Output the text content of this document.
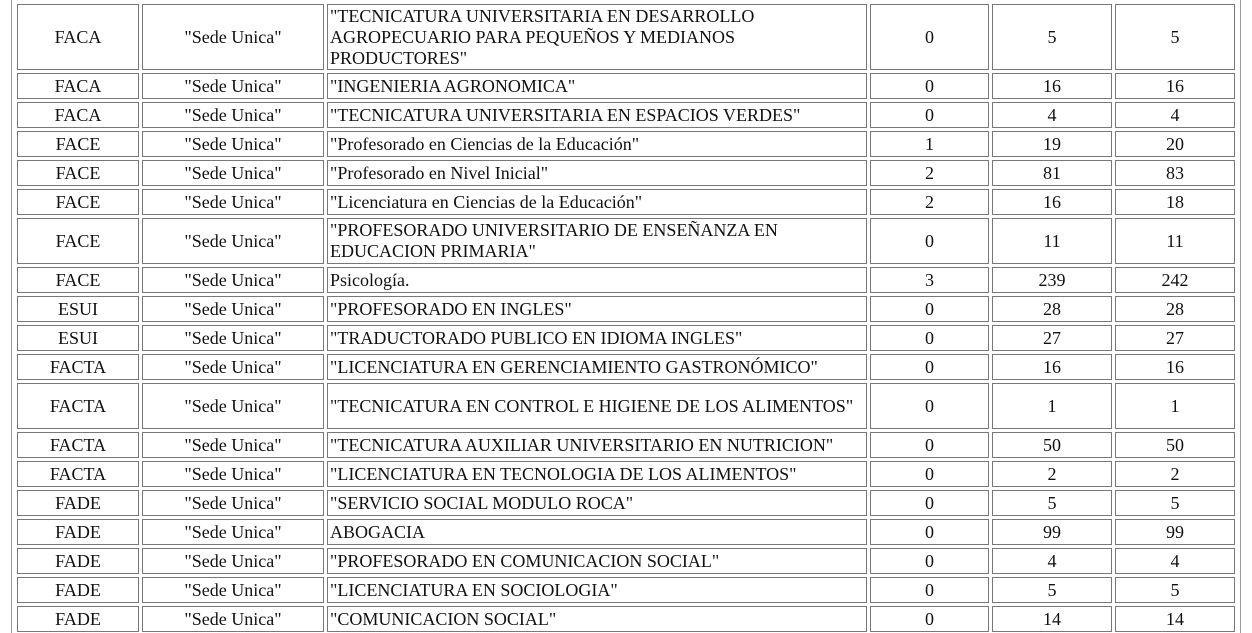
FACA	"Sede Unica"	"TECNICATURA UNIVERSITARIA EN DESARROLLO AGROPECUARIO PARA PEQUEÑOS Y MEDIANOS PRODUCTORES"	0	5	5
FACA	"Sede Unica"	"INGENIERIA AGRONOMICA"	0	16	16
FACA	"Sede Unica"	"TECNICATURA UNIVERSITARIA EN ESPACIOS VERDES"	0	4	4
FACE	"Sede Unica"	"Profesorado en Ciencias de la Educación"	1	19	20
FACE	"Sede Unica"	"Profesorado en Nivel Inicial"	2	81	83
FACE	"Sede Unica"	"Licenciatura en Ciencias de la Educación"	2	16	18
FACE	"Sede Unica"	"PROFESORADO UNIVERSITARIO DE ENSEÑANZA EN EDUCACION PRIMARIA"	0	11	11
FACE	"Sede Unica"	Psicología.	3	239	242
ESUI	"Sede Unica"	"PROFESORADO EN INGLES"	0	28	28
ESUI	"Sede Unica"	"TRADUCTORADO PUBLICO EN IDIOMA INGLES"	0	27	27
FACTA	"Sede Unica"	"LICENCIATURA EN GERENCIAMIENTO GASTRONÓMICO"	0	16	16
FACTA	"Sede Unica"	"TECNICATURA EN CONTROL E HIGIENE DE LOS ALIMENTOS"	0	1	1
FACTA	"Sede Unica"	"TECNICATURA AUXILIAR UNIVERSITARIO EN NUTRICION"	0	50	50
FACTA	"Sede Unica"	"LICENCIATURA EN TECNOLOGIA DE LOS ALIMENTOS"	0	2	2
FADE	"Sede Unica"	"SERVICIO SOCIAL MODULO ROCA"	0	5	5
FADE	"Sede Unica"	ABOGACIA	0	99	99
FADE	"Sede Unica"	"PROFESORADO EN COMUNICACION SOCIAL"	0	4	4
FADE	"Sede Unica"	"LICENCIATURA EN SOCIOLOGIA"	0	5	5
FADE	"Sede Unica"	"COMUNICACION SOCIAL"	0	14	14
